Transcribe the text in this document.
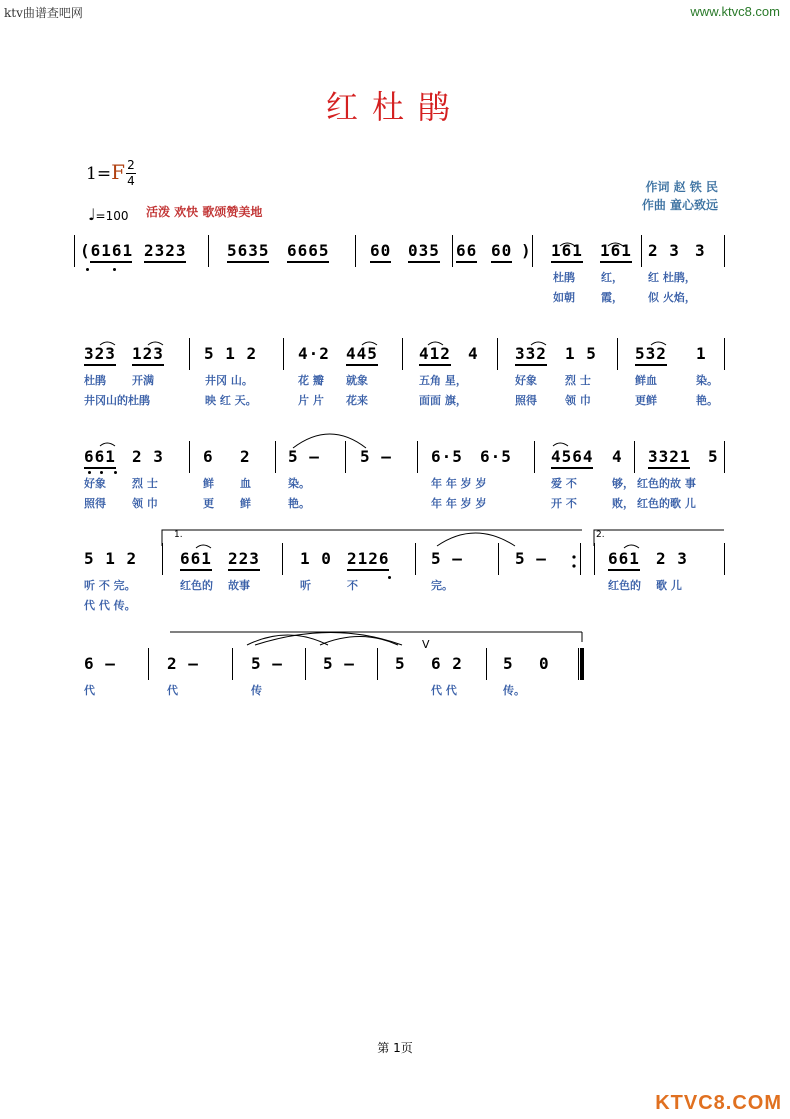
ktv曲谱查吧网	www.ktvc8.com
红杜鹃
1=F 2
4
♩=100 活泼 欢快 歌颂赞美地
作词 赵 铁 民
作曲 童心致远
(6161 2323	5635 6665	60 035 66 60 ) 161 161 2 3 3
杜鹃 红， 红 杜鹃，
如朝 霞， 似 火焰，
323 123	5 1 2	4·2 445	412 4 332 1 5 532 1
杜鹃 开满	井冈 山。	花 瓣 就象	五角 星，	好象	烈 士	鲜血	染。
井冈山的杜鹃	映 红 天。	片 片 花来	面面 旗，	照得	领 巾	更鲜	艳。
661 2 3 6 2 5 –	5 – 6·5 6·5 4564 4 3321 5
好象 烈 士	鲜 血	染。	年 年 岁 岁	爱 不	够， 红色的故 事
照得 领 巾	更 鲜	艳。	年 年 岁 岁	开 不	败， 红色的歌 儿
5 1 2	661 223	1 0 2126	5 –	5 –	661 2 3
听 不 完。	红色的 故事	听	不	完。	红色的 歌 儿
代 代 传。
6 –	2 –	5 –	5 –	5 6 2	5 0
代	代	传	代 代	传。
1.	2.
V
第 1页
KTVC8.COM
